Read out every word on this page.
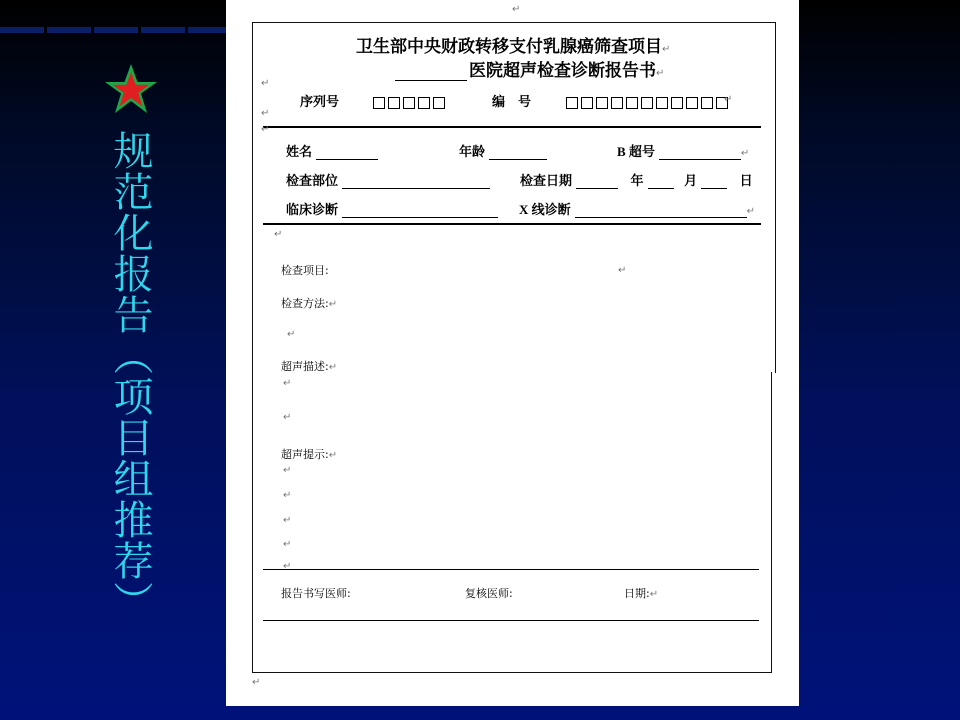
规范化报告（项目组推荐）
卫生部中央财政转移支付乳腺癌筛查项目↵
医院超声检查诊断报告书↵
↵
序列号	编　号	↵
↵
↵
姓名	年龄	B 超号	↵
检查部位	检查日期	年	月	日
临床诊断	X 线诊断	↵
↵
检查项目:	↵
检查方法:↵
↵
超声描述:↵
↵
↵
超声提示:↵
↵
↵
↵
↵
↵
报告书写医师:	复核医师:	日期:↵
↵
↵
